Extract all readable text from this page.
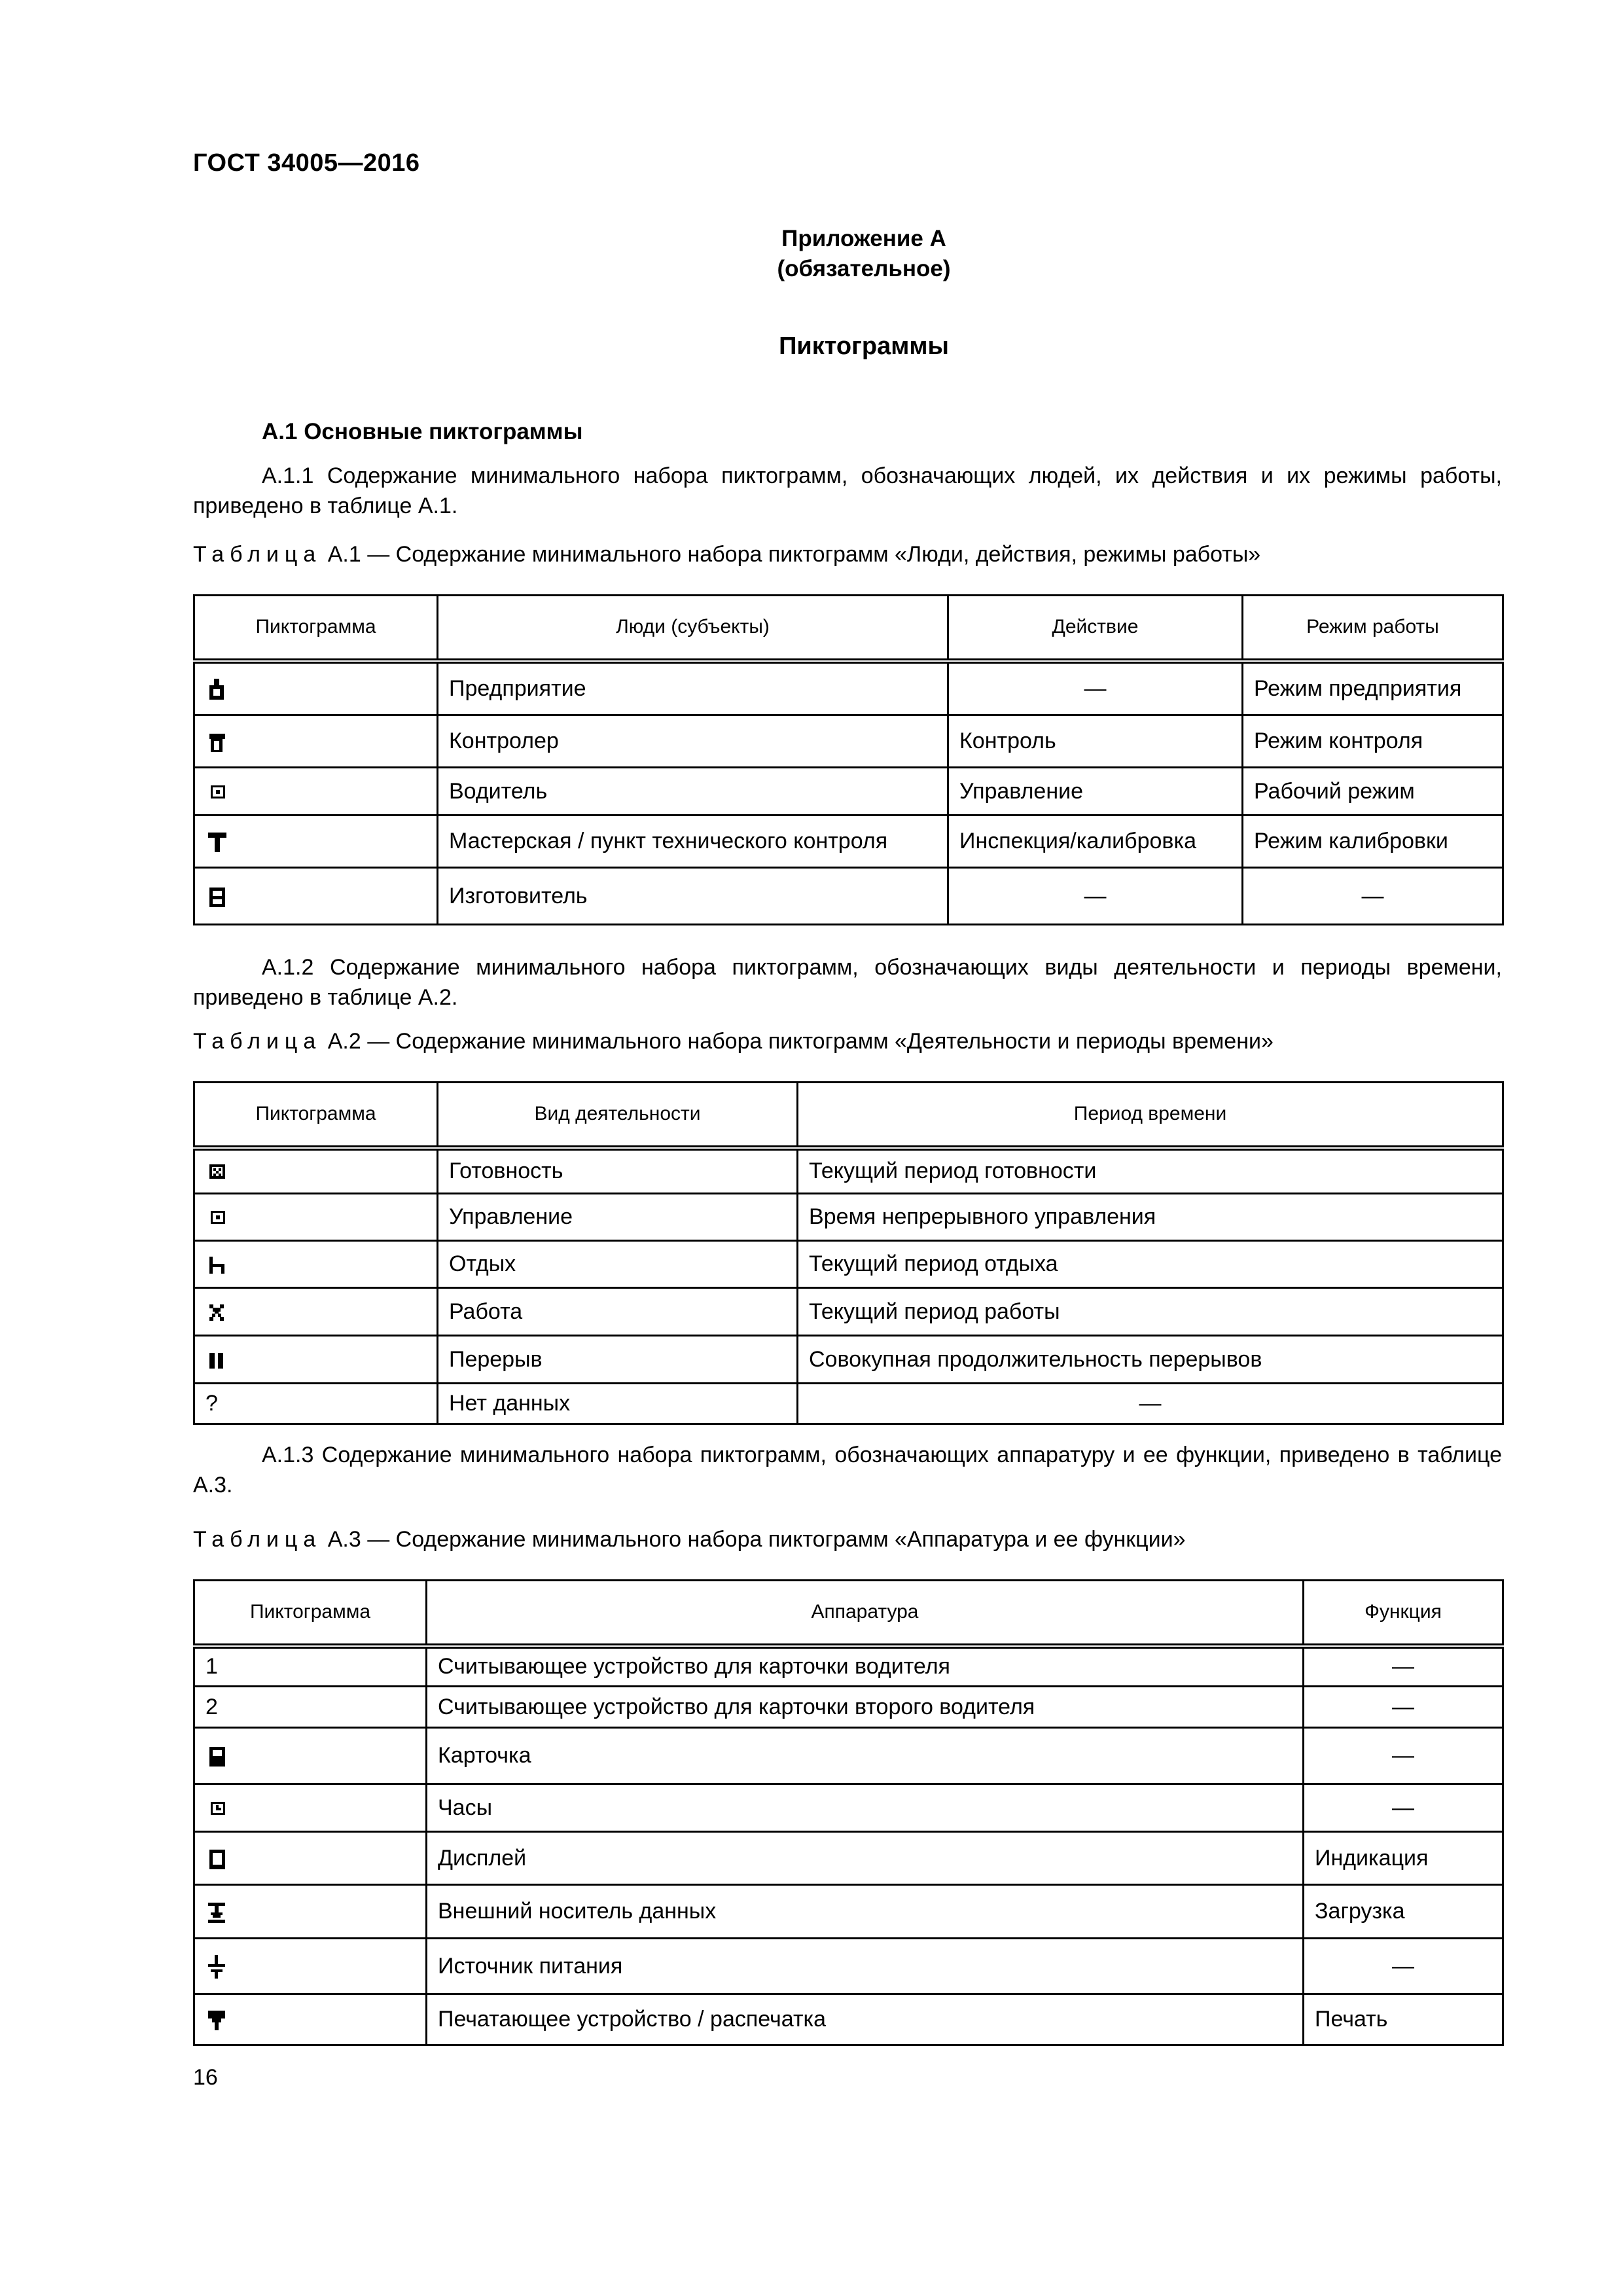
ГОСТ 34005—2016
Приложение А
(обязательное)
Пиктограммы
А.1 Основные пиктограммы
А.1.1 Содержание минимального набора пиктограмм, обозначающих людей, их действия и их режимы работы, приведено в таблице А.1.
Таблица А.1 — Содержание минимального набора пиктограмм «Люди, действия, режимы работы»
Пиктограмма	Люди (субъекты)	Действие	Режим работы

	Предприятие	—	Режим предприятия

	Контролер	Контроль	Режим контроля

	Водитель	Управление	Рабочий режим

	Мастерская / пункт технического контроля	Инспекция/калибровка	Режим калибровки

	Изготовитель	—	—
А.1.2 Содержание минимального набора пиктограмм, обозначающих виды деятельности и периоды времени, приведено в таблице А.2.
Таблица А.2 — Содержание минимального набора пиктограмм «Деятельности и периоды времени»
Пиктограмма	Вид деятельности	Период времени

	Готовность	Текущий период готовности

	Управление	Время непрерывного управления

	Отдых	Текущий период отдыха

	Работа	Текущий период работы

	Перерыв	Совокупная продолжительность перерывов
?	Нет данных	—
А.1.3 Содержание минимального набора пиктограмм, обозначающих аппаратуру и ее функции, приведено в таблице А.3.
Таблица А.3 — Содержание минимального набора пиктограмм «Аппаратура и ее функции»
Пиктограмма	Аппаратура	Функция
1	Считывающее устройство для карточки водителя	—
2	Считывающее устройство для карточки второго водителя	—

	Карточка	—

	Часы	—

	Дисплей	Индикация

	Внешний носитель данных	Загрузка

	Источник питания	—

	Печатающее устройство / распечатка	Печать
16
